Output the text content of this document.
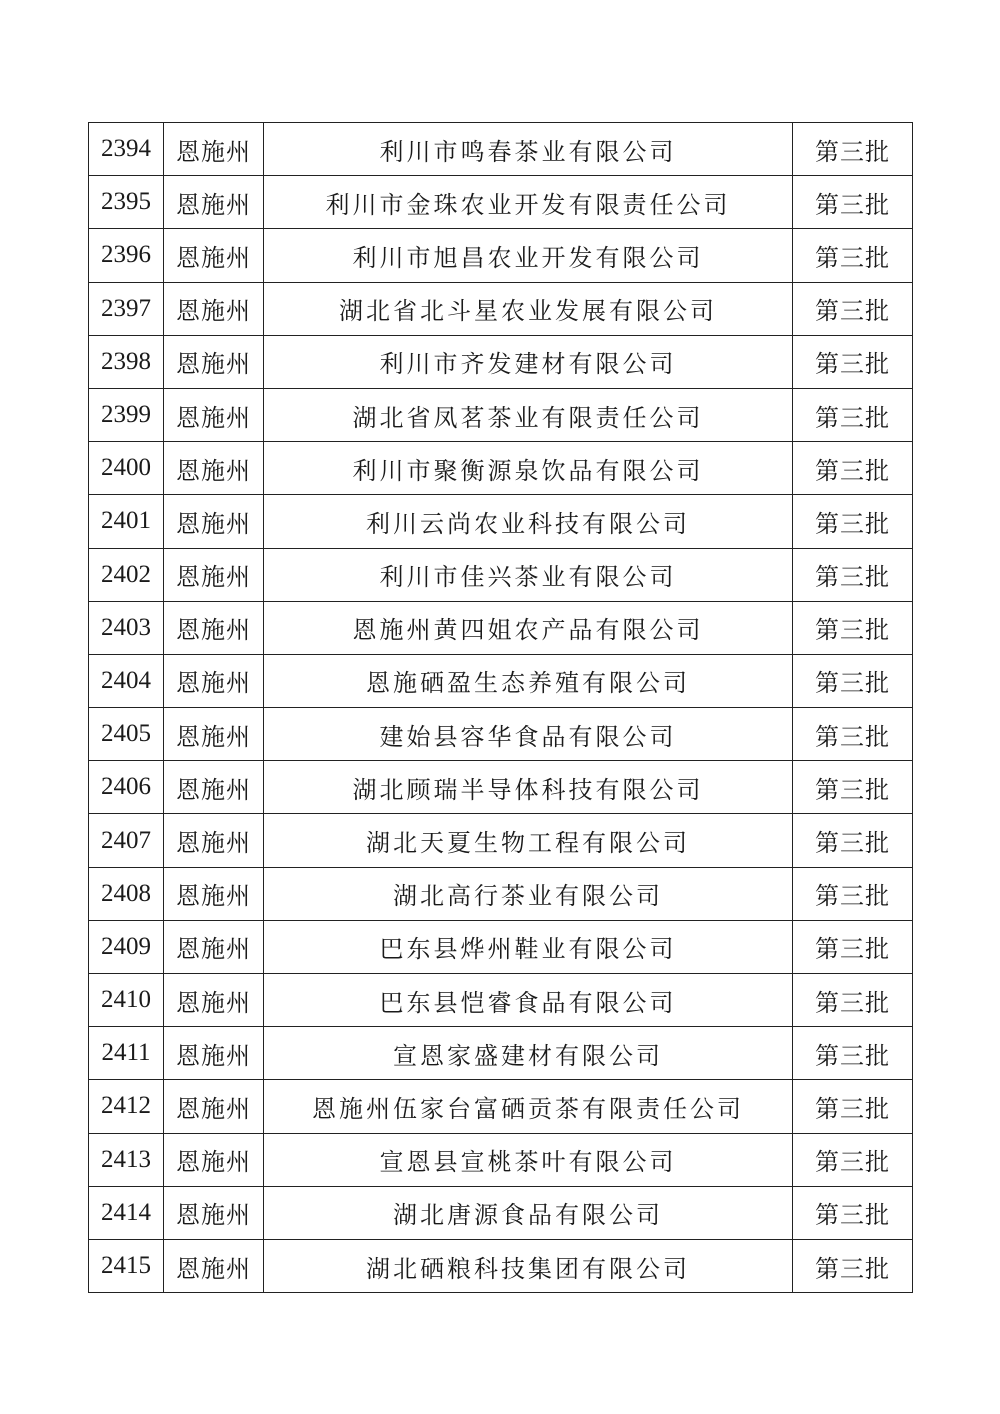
2394	恩施州	利川市鸣春茶业有限公司	第三批
2395	恩施州	利川市金珠农业开发有限责任公司	第三批
2396	恩施州	利川市旭昌农业开发有限公司	第三批
2397	恩施州	湖北省北斗星农业发展有限公司	第三批
2398	恩施州	利川市齐发建材有限公司	第三批
2399	恩施州	湖北省凤茗茶业有限责任公司	第三批
2400	恩施州	利川市聚衡源泉饮品有限公司	第三批
2401	恩施州	利川云尚农业科技有限公司	第三批
2402	恩施州	利川市佳兴茶业有限公司	第三批
2403	恩施州	恩施州黄四姐农产品有限公司	第三批
2404	恩施州	恩施硒盈生态养殖有限公司	第三批
2405	恩施州	建始县容华食品有限公司	第三批
2406	恩施州	湖北顾瑞半导体科技有限公司	第三批
2407	恩施州	湖北天夏生物工程有限公司	第三批
2408	恩施州	湖北高行茶业有限公司	第三批
2409	恩施州	巴东县烨州鞋业有限公司	第三批
2410	恩施州	巴东县恺睿食品有限公司	第三批
2411	恩施州	宣恩家盛建材有限公司	第三批
2412	恩施州	恩施州伍家台富硒贡茶有限责任公司	第三批
2413	恩施州	宣恩县宣桃茶叶有限公司	第三批
2414	恩施州	湖北唐源食品有限公司	第三批
2415	恩施州	湖北硒粮科技集团有限公司	第三批
